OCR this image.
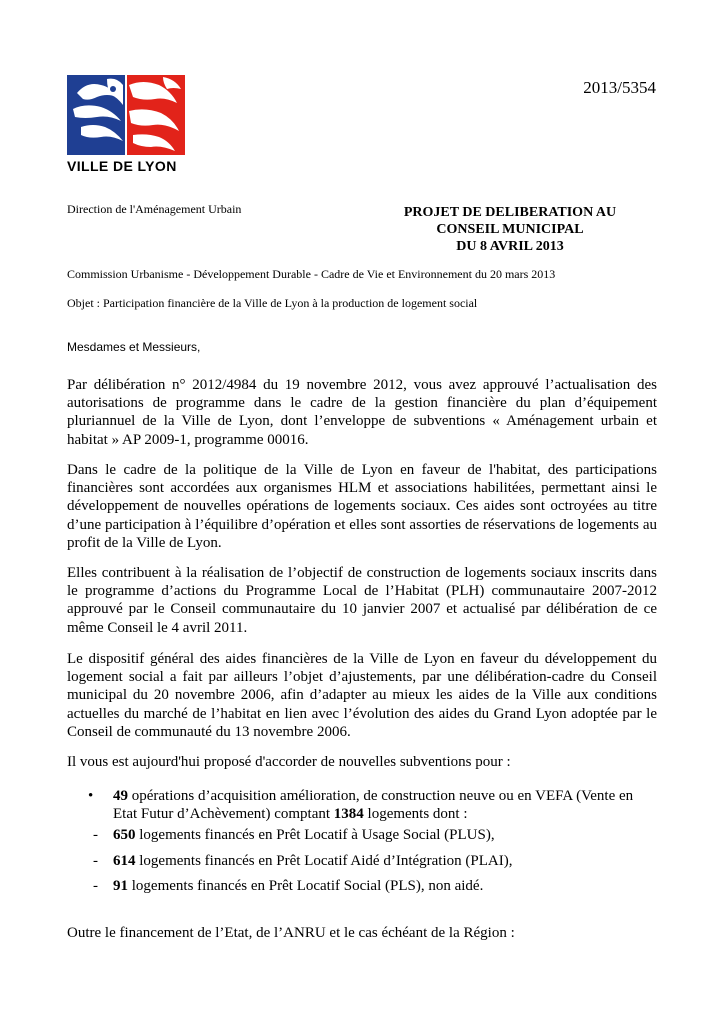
VILLE DE LYON
2013/5354
Direction de l'Aménagement Urbain	PROJET DE DELIBERATION AU
CONSEIL MUNICIPAL
DU 8 AVRIL 2013
Commission Urbanisme - Développement Durable - Cadre de Vie et Environnement du 20 mars 2013
Objet : Participation financière de la Ville de Lyon à la production de logement social
Mesdames et Messieurs,
Par délibération n° 2012/4984 du 19 novembre 2012, vous avez approuvé l’actualisation des autorisations de programme dans le cadre de la gestion financière du plan d’équipement pluriannuel de la Ville de Lyon, dont l’enveloppe de subventions « Aménagement urbain et habitat » AP 2009-1, programme 00016.
Dans le cadre de la politique de la Ville de Lyon en faveur de l'habitat, des participations financières sont accordées aux organismes HLM et associations habilitées, permettant ainsi le développement de nouvelles opérations de logements sociaux. Ces aides sont octroyées au titre d’une participation à l’équilibre d’opération et elles sont assorties de réservations de logements au profit de la Ville de Lyon.
Elles contribuent à la réalisation de l’objectif de construction de logements sociaux inscrits dans le programme d’actions du Programme Local de l’Habitat (PLH) communautaire 2007-2012 approuvé par le Conseil communautaire du 10 janvier 2007 et actualisé par délibération de ce même Conseil le 4 avril 2011.
Le dispositif général des aides financières de la Ville de Lyon en faveur du développement du logement social a fait par ailleurs l’objet d’ajustements, par une délibération-cadre du Conseil municipal du 20 novembre 2006, afin d’adapter au mieux les aides de la Ville aux conditions actuelles du marché de l’habitat en lien avec l’évolution des aides du Grand Lyon adoptée par le Conseil de communauté du 13 novembre 2006.
Il vous est aujourd'hui proposé d'accorder de nouvelles subventions pour :
• 49 opérations d’acquisition amélioration, de construction neuve ou en VEFA (Vente en Etat Futur d’Achèvement) comptant 1384 logements dont :
- 650 logements financés en Prêt Locatif à Usage Social (PLUS),
- 614 logements financés en Prêt Locatif Aidé d’Intégration (PLAI),
- 91 logements financés en Prêt Locatif Social (PLS), non aidé.
Outre le financement de l’Etat, de l’ANRU et le cas échéant de la Région :
